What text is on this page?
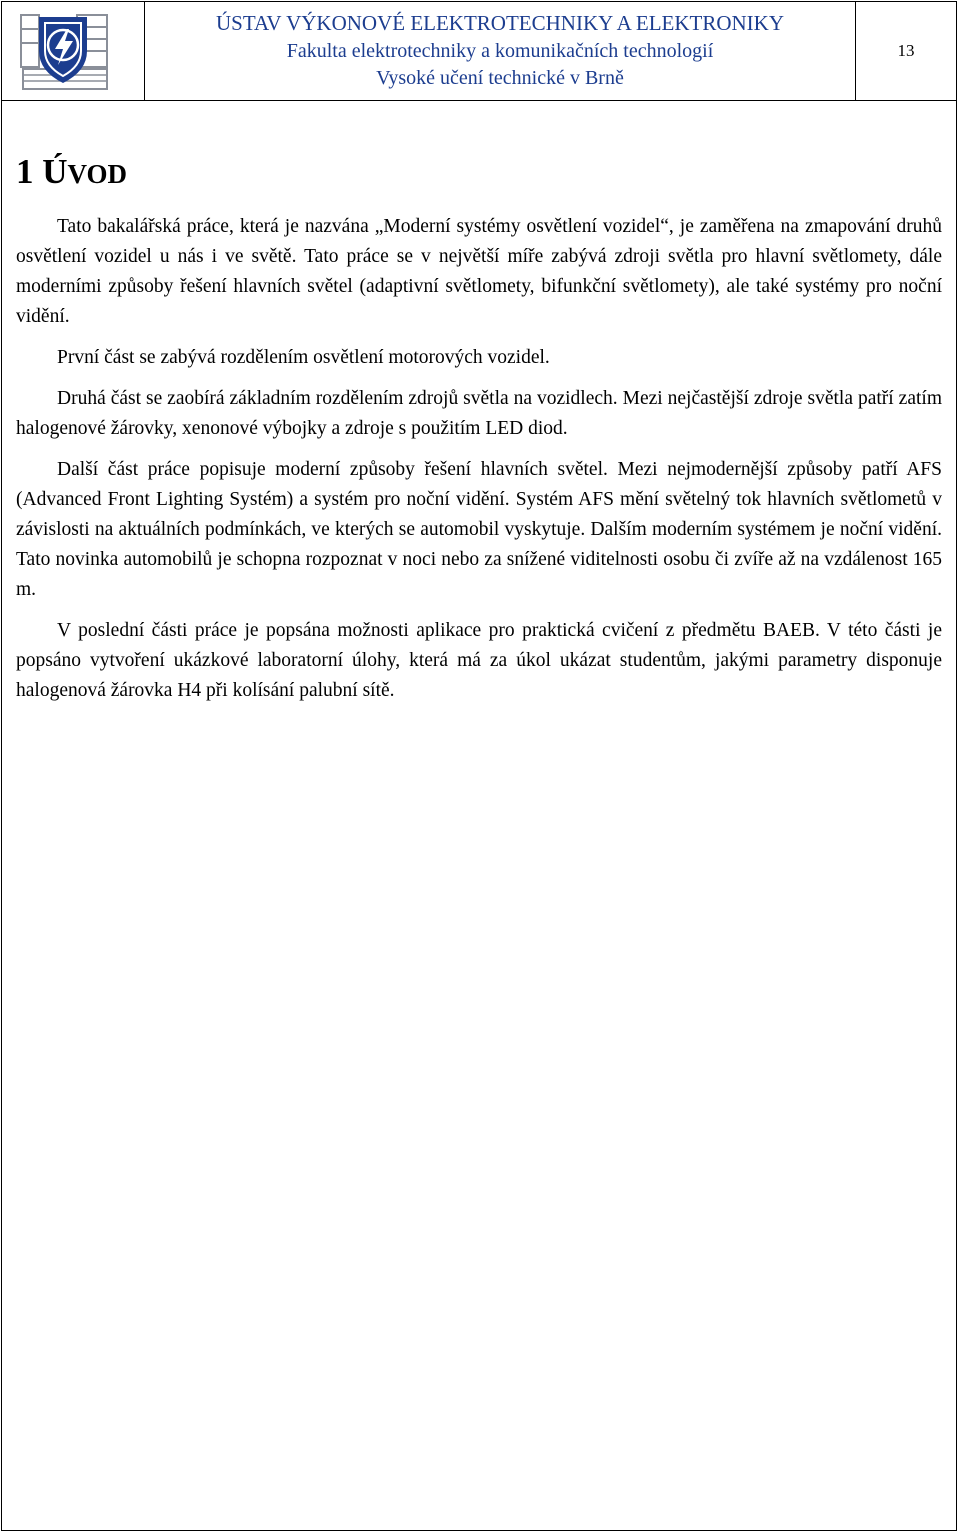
ÚSTAV VÝKONOVÉ ELEKTROTECHNIKY A ELEKTRONIKY
Fakulta elektrotechniky a komunikačních technologií
Vysoké učení technické v Brně
13
1 ÚVOD

Tato bakalářská práce, která je nazvána „Moderní systémy osvětlení vozidel“, je zaměřena na zmapování druhů osvětlení vozidel u nás i ve světě. Tato práce se v největší míře zabývá zdroji světla pro hlavní světlomety, dále moderními způsoby řešení hlavních světel (adaptivní světlomety, bifunkční světlomety), ale také systémy pro noční vidění.

První část se zabývá rozdělením osvětlení motorových vozidel.

Druhá část se zaobírá základním rozdělením zdrojů světla na vozidlech. Mezi nejčastější zdroje světla patří zatím halogenové žárovky, xenonové výbojky a zdroje s použitím LED diod.

Další část práce popisuje moderní způsoby řešení hlavních světel. Mezi nejmodernější způsoby patří AFS (Advanced Front Lighting Systém) a systém pro noční vidění. Systém AFS mění světelný tok hlavních světlometů v závislosti na aktuálních podmínkách, ve kterých se automobil vyskytuje. Dalším moderním systémem je noční vidění. Tato novinka automobilů je schopna rozpoznat v noci nebo za snížené viditelnosti osobu či zvíře až na vzdálenost 165 m.

V poslední části práce je popsána možnosti aplikace pro praktická cvičení z předmětu BAEB. V této části je popsáno vytvoření ukázkové laboratorní úlohy, která má za úkol ukázat studentům, jakými parametry disponuje halogenová žárovka H4 při kolísání palubní sítě.
